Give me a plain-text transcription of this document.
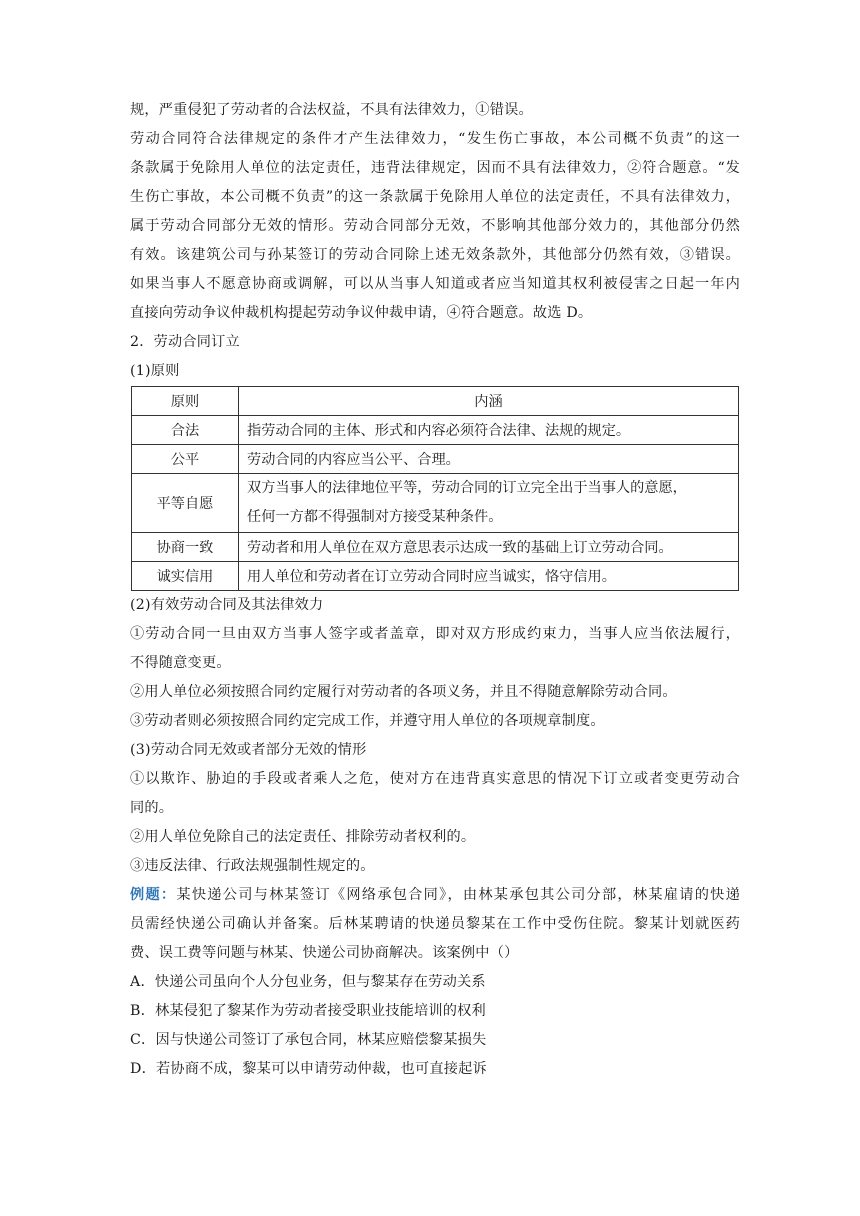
规，严重侵犯了劳动者的合法权益，不具有法律效力，①错误。
劳动合同符合法律规定的条件才产生法律效力，“发生伤亡事故，本公司概不负责”的这一
条款属于免除用人单位的法定责任，违背法律规定，因而不具有法律效力，②符合题意。“发
生伤亡事故，本公司概不负责”的这一条款属于免除用人单位的法定责任，不具有法律效力，
属于劳动合同部分无效的情形。劳动合同部分无效，不影响其他部分效力的，其他部分仍然
有效。该建筑公司与孙某签订的劳动合同除上述无效条款外，其他部分仍然有效，③错误。
如果当事人不愿意协商或调解，可以从当事人知道或者应当知道其权利被侵害之日起一年内
直接向劳动争议仲裁机构提起劳动争议仲裁申请，④符合题意。故选 D。
2．劳动合同订立
(1)原则
原则	内涵
合法	指劳动合同的主体、形式和内容必须符合法律、法规的规定。
公平	劳动合同的内容应当公平、合理。
平等自愿	双方当事人的法律地位平等，劳动合同的订立完全出于当事人的意愿，
任何一方都不得强制对方接受某种条件。

协商一致	劳动者和用人单位在双方意思表示达成一致的基础上订立劳动合同。
诚实信用	用人单位和劳动者在订立劳动合同时应当诚实，恪守信用。
(2)有效劳动合同及其法律效力
①劳动合同一旦由双方当事人签字或者盖章，即对双方形成约束力，当事人应当依法履行，
不得随意变更。
②用人单位必须按照合同约定履行对劳动者的各项义务，并且不得随意解除劳动合同。
③劳动者则必须按照合同约定完成工作，并遵守用人单位的各项规章制度。
(3)劳动合同无效或者部分无效的情形
①以欺诈、胁迫的手段或者乘人之危，使对方在违背真实意思的情况下订立或者变更劳动合
同的。
②用人单位免除自己的法定责任、排除劳动者权利的。
③违反法律、行政法规强制性规定的。
例题：某快递公司与林某签订《网络承包合同》，由林某承包其公司分部，林某雇请的快递
员需经快递公司确认并备案。后林某聘请的快递员黎某在工作中受伤住院。黎某计划就医药
费、误工费等问题与林某、快递公司协商解决。该案例中（）
A．快递公司虽向个人分包业务，但与黎某存在劳动关系
B．林某侵犯了黎某作为劳动者接受职业技能培训的权利
C．因与快递公司签订了承包合同，林某应赔偿黎某损失
D．若协商不成，黎某可以申请劳动仲裁，也可直接起诉
